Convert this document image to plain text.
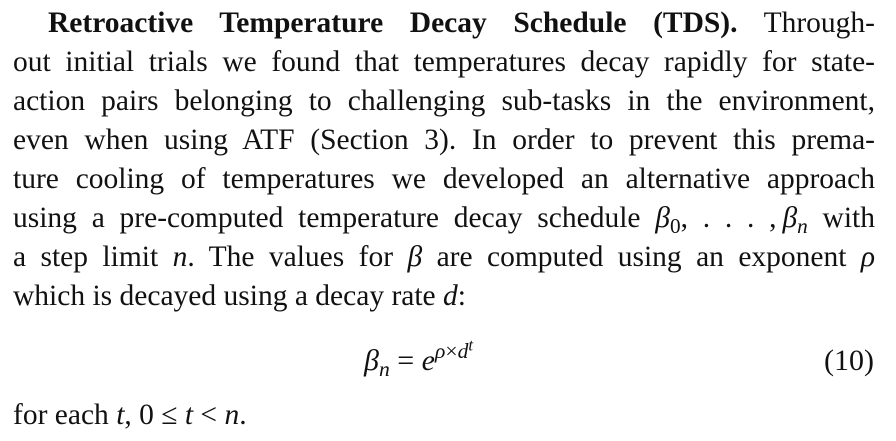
Retroactive Temperature Decay Schedule (TDS). Through-
out initial trials we found that temperatures decay rapidly for state-
action pairs belonging to challenging sub-tasks in the environment,
even when using ATF (Section 3). In order to prevent this prema-
ture cooling of temperatures we developed an alternative approach
using a pre-computed temperature decay schedule $\beta_0$, . . . ,  $\beta_n$ with
a step limit n. The values for β are computed using an exponent ρ
which is decayed using a decay rate d:
$\beta_n = e^{\rho\times d^t}$	(10)
for each t, 0 ≤ t < n.
